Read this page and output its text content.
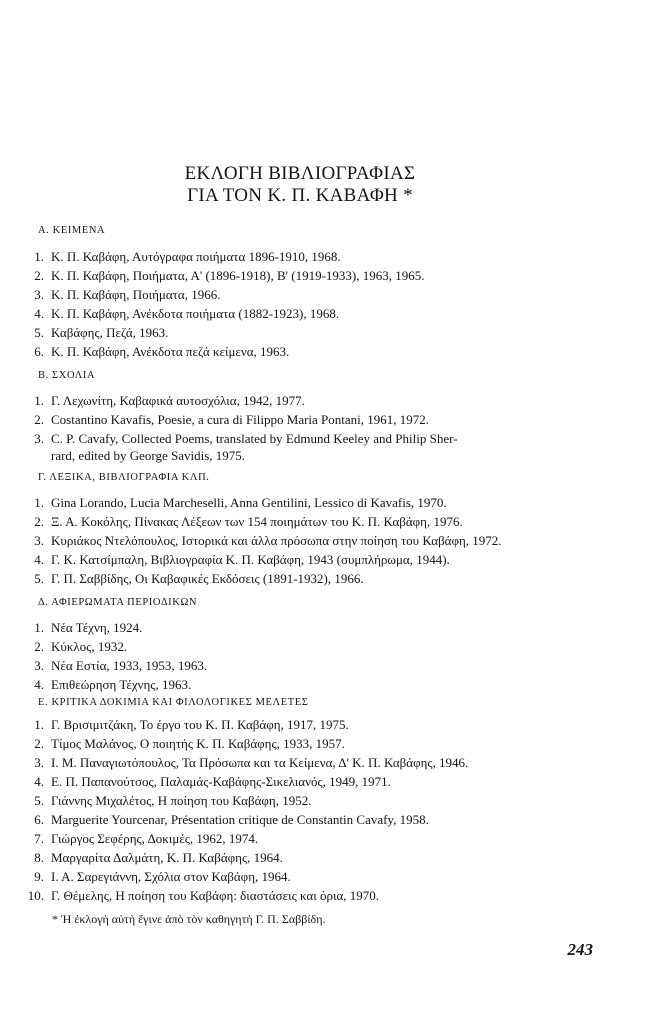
ΕΚΛΟΓΗ ΒΙΒΛΙΟΓΡΑΦΙΑΣ
ΓΙΑ ΤΟΝ Κ. Π. ΚΑΒΑΦΗ *
Α. ΚΕΙΜΕΝΑ
1. Κ. Π. Καβάφη, Αυτόγραφα ποιήματα 1896-1910, 1968.
2. Κ. Π. Καβάφη, Ποιήματα, Α' (1896-1918), Β' (1919-1933), 1963, 1965.
3. Κ. Π. Καβάφη, Ποιήματα, 1966.
4. Κ. Π. Καβάφη, Ανέκδοτα ποιήματα (1882-1923), 1968.
5. Καβάφης, Πεζά, 1963.
6. Κ. Π. Καβάφη, Ανέκδοτα πεζά κείμενα, 1963.
Β. ΣΧΟΛΙΑ
1. Γ. Λεχωνίτη, Καβαφικά αυτοσχόλια, 1942, 1977.
2. Costantino Kavafis, Poesie, a cura di Filippo Maria Pontani, 1961, 1972.
3. C. P. Cavafy, Collected Poems, translated by Edmund Keeley and Philip Sher-
rard, edited by George Savidis, 1975.
Γ. ΛΕΞΙΚΑ, ΒΙΒΛΙΟΓΡΑΦΙΑ ΚΛΠ.
1. Gina Lorando, Lucia Marcheselli, Anna Gentilini, Lessico di Kavafis, 1970.
2. Ξ. Α. Κοκόλης, Πίνακας Λέξεων των 154 ποιημάτων του Κ. Π. Καβάφη, 1976.
3. Κυριάκος Ντελόπουλος, Ιστορικά και άλλα πρόσωπα στην ποίηση του Καβάφη, 1972.
4. Γ. Κ. Κατσίμπαλη, Βιβλιογραφία Κ. Π. Καβάφη, 1943 (συμπλήρωμα, 1944).
5. Γ. Π. Σαββίδης, Οι Καβαφικές Εκδόσεις (1891-1932), 1966.
Δ. ΑΦΙΕΡΩΜΑΤΑ ΠΕΡΙΟΔΙΚΩΝ
1. Νέα Τέχνη, 1924.
2. Κύκλος, 1932.
3. Νέα Εστία, 1933, 1953, 1963.
4. Επιθεώρηση Τέχνης, 1963.
Ε. ΚΡΙΤΙΚΑ ΔΟΚΙΜΙΑ ΚΑΙ ΦΙΛΟΛΟΓΙΚΕΣ ΜΕΛΕΤΕΣ
1. Γ. Βρισιμιτζάκη, Το έργο του Κ. Π. Καβάφη, 1917, 1975.
2. Τίμος Μαλάνος, Ο ποιητής Κ. Π. Καβάφης, 1933, 1957.
3. Ι. Μ. Παναγιωτόπουλος, Τα Πρόσωπα και τα Κείμενα, Δ' Κ. Π. Καβάφης, 1946.
4. Ε. Π. Παπανούτσος, Παλαμάς-Καβάφης-Σικελιανός, 1949, 1971.
5. Γιάννης Μιχαλέτος, Η ποίηση του Καβάφη, 1952.
6. Marguerite Yourcenar, Présentation critique de Constantin Cavafy, 1958.
7. Γιώργος Σεφέρης, Δοκιμές, 1962, 1974.
8. Μαργαρίτα Δαλμάτη, Κ. Π. Καβάφης, 1964.
9. Ι. Α. Σαρεγιάννη, Σχόλια στον Καβάφη, 1964.
10. Γ. Θέμελης, Η ποίηση του Καβάφη: διαστάσεις και όρια, 1970.
* Ἡ ἐκλογὴ αὐτὴ ἔγινε ἀπὸ τὸν καθηγητὴ Γ. Π. Σαββίδη.
243
